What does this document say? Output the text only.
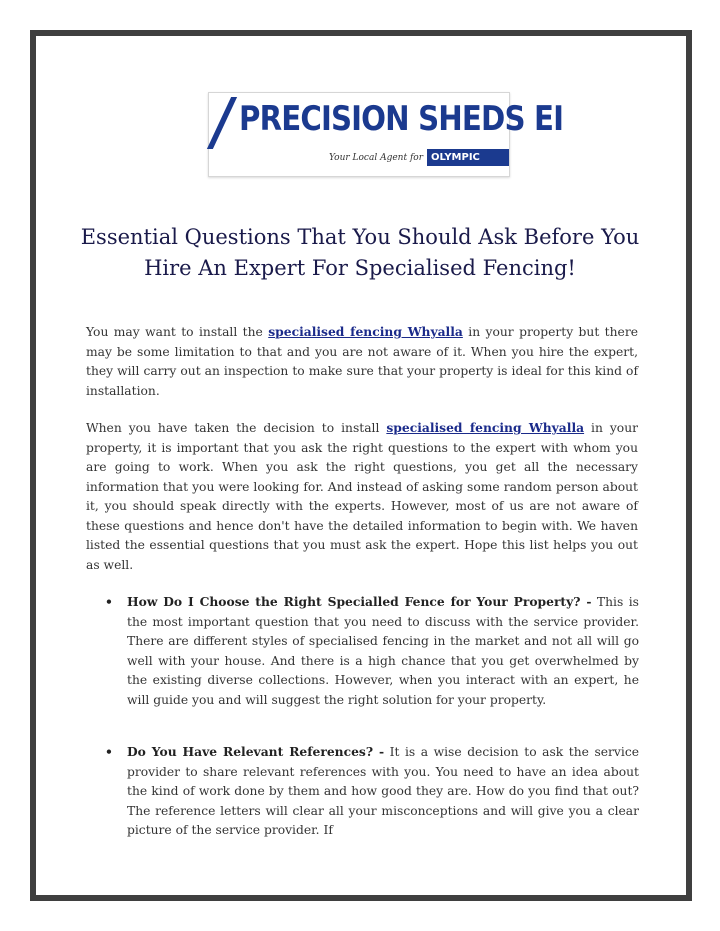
PRECISION SHEDS EI
Your Local Agent for OLYMPIC
Essential Questions That You Should Ask Before You Hire An Expert For Specialised Fencing!

You may want to install the specialised fencing Whyalla in your property but there may be some limitation to that and you are not aware of it. When you hire the expert, they will carry out an inspection to make sure that your property is ideal for this kind of installation.

When you have taken the decision to install specialised fencing Whyalla in your property, it is important that you ask the right questions to the expert with whom you are going to work. When you ask the right questions, you get all the necessary information that you were looking for. And instead of asking some random person about it, you should speak directly with the experts. However, most of us are not aware of these questions and hence don't have the detailed information to begin with. We haven listed the essential questions that you must ask the expert. Hope this list helps you out as well.

• How Do I Choose the Right Specialled Fence for Your Property? - This is the most important question that you need to discuss with the service provider. There are different styles of specialised fencing in the market and not all will go well with your house. And there is a high chance that you get overwhelmed by the existing diverse collections. However, when you interact with an expert, he will guide you and will suggest the right solution for your property.

• Do You Have Relevant References? - It is a wise decision to ask the service provider to share relevant references with you. You need to have an idea about the kind of work done by them and how good they are. How do you find that out? The reference letters will clear all your misconceptions and will give you a clear picture of the service provider. If
